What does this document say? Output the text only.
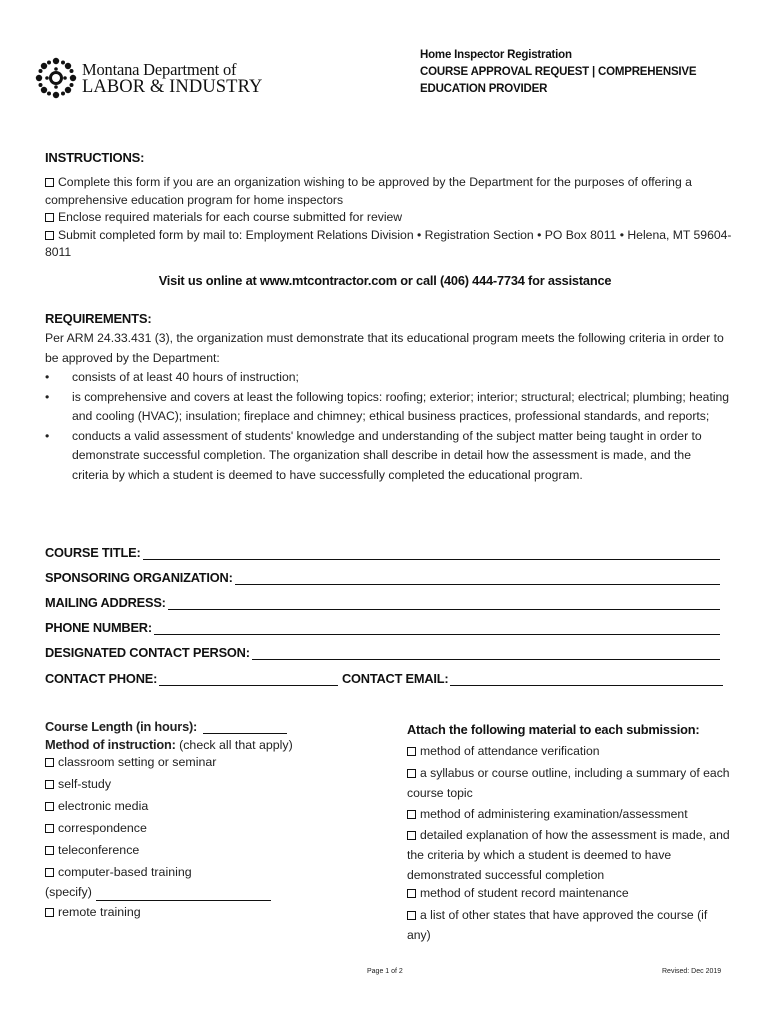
Montana Department of
LABOR & INDUSTRY
Home Inspector Registration
COURSE APPROVAL REQUEST | COMPREHENSIVE
EDUCATION PROVIDER
INSTRUCTIONS:
Complete this form if you are an organization wishing to be approved by the Department for the purposes of offering a comprehensive education program for home inspectors
Enclose required materials for each course submitted for review
Submit completed form by mail to: Employment Relations Division • Registration Section • PO Box 8011 • Helena, MT 59604-8011
Visit us online at www.mtcontractor.com or call (406) 444-7734 for assistance
REQUIREMENTS:
Per ARM 24.33.431 (3), the organization must demonstrate that its educational program meets the following criteria in order to be approved by the Department:
• consists of at least 40 hours of instruction;
• is comprehensive and covers at least the following topics: roofing; exterior; interior; structural; electrical; plumbing; heating and cooling (HVAC); insulation; fireplace and chimney; ethical business practices, professional standards, and reports;
• conducts a valid assessment of students' knowledge and understanding of the subject matter being taught in order to demonstrate successful completion. The organization shall describe in detail how the assessment is made, and the criteria by which a student is deemed to have successfully completed the educational program.
COURSE TITLE:
SPONSORING ORGANIZATION:
MAILING ADDRESS:
PHONE NUMBER:
DESIGNATED CONTACT PERSON:
CONTACT PHONE:	CONTACT EMAIL:
Course Length (in hours):
Method of instruction: (check all that apply)
classroom setting or seminar
self-study
electronic media
correspondence
teleconference
computer-based training
(specify)
remote training
Attach the following material to each submission:
method of attendance verification
a syllabus or course outline, including a summary of each course topic
method of administering examination/assessment
detailed explanation of how the assessment is made, and the criteria by which a student is deemed to have demonstrated successful completion
method of student record maintenance
a list of other states that have approved the course (if any)
Page 1 of 2	Revised: Dec 2019
